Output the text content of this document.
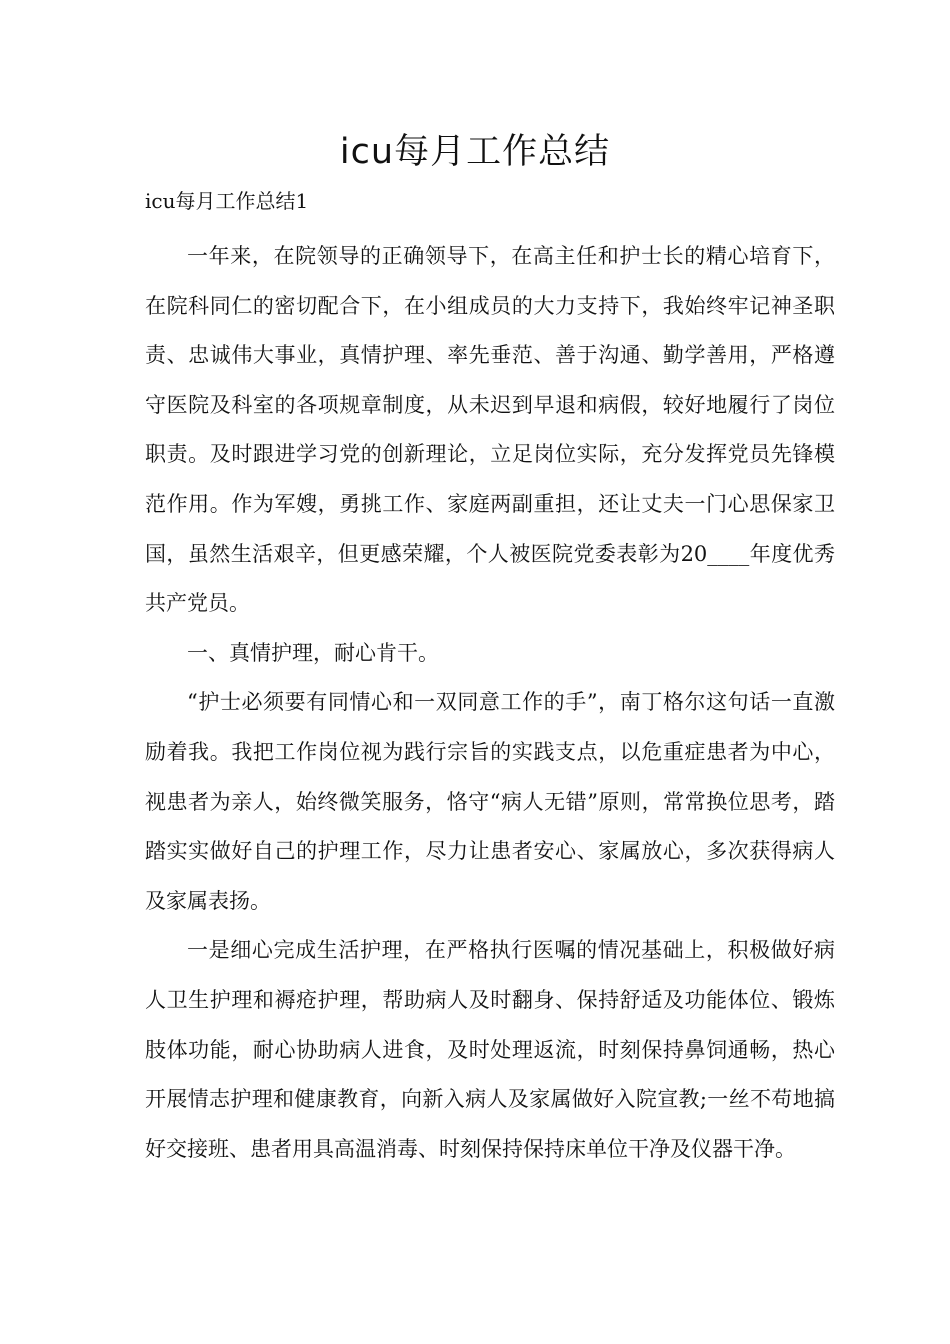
icu每月工作总结
icu每月工作总结1

一年来，在院领导的正确领导下，在高主任和护士长的精心培育下，在院科同仁的密切配合下，在小组成员的大力支持下，我始终牢记神圣职责、忠诚伟大事业，真情护理、率先垂范、善于沟通、勤学善用，严格遵守医院及科室的各项规章制度，从未迟到早退和病假，较好地履行了岗位职责。及时跟进学习党的创新理论，立足岗位实际，充分发挥党员先锋模范作用。作为军嫂，勇挑工作、家庭两副重担，还让丈夫一门心思保家卫国，虽然生活艰辛，但更感荣耀，个人被医院党委表彰为20____年度优秀共产党员。

一、真情护理，耐心肯干。

“护士必须要有同情心和一双同意工作的手”，南丁格尔这句话一直激励着我。我把工作岗位视为践行宗旨的实践支点，以危重症患者为中心，视患者为亲人，始终微笑服务，恪守“病人无错”原则，常常换位思考，踏踏实实做好自己的护理工作，尽力让患者安心、家属放心，多次获得病人及家属表扬。

一是细心完成生活护理，在严格执行医嘱的情况基础上，积极做好病人卫生护理和褥疮护理，帮助病人及时翻身、保持舒适及功能体位、锻炼肢体功能，耐心协助病人进食，及时处理返流，时刻保持鼻饲通畅，热心开展情志护理和健康教育，向新入病人及家属做好入院宣教;一丝不苟地搞好交接班、患者用具高温消毒、时刻保持保持床单位干净及仪器干净。
